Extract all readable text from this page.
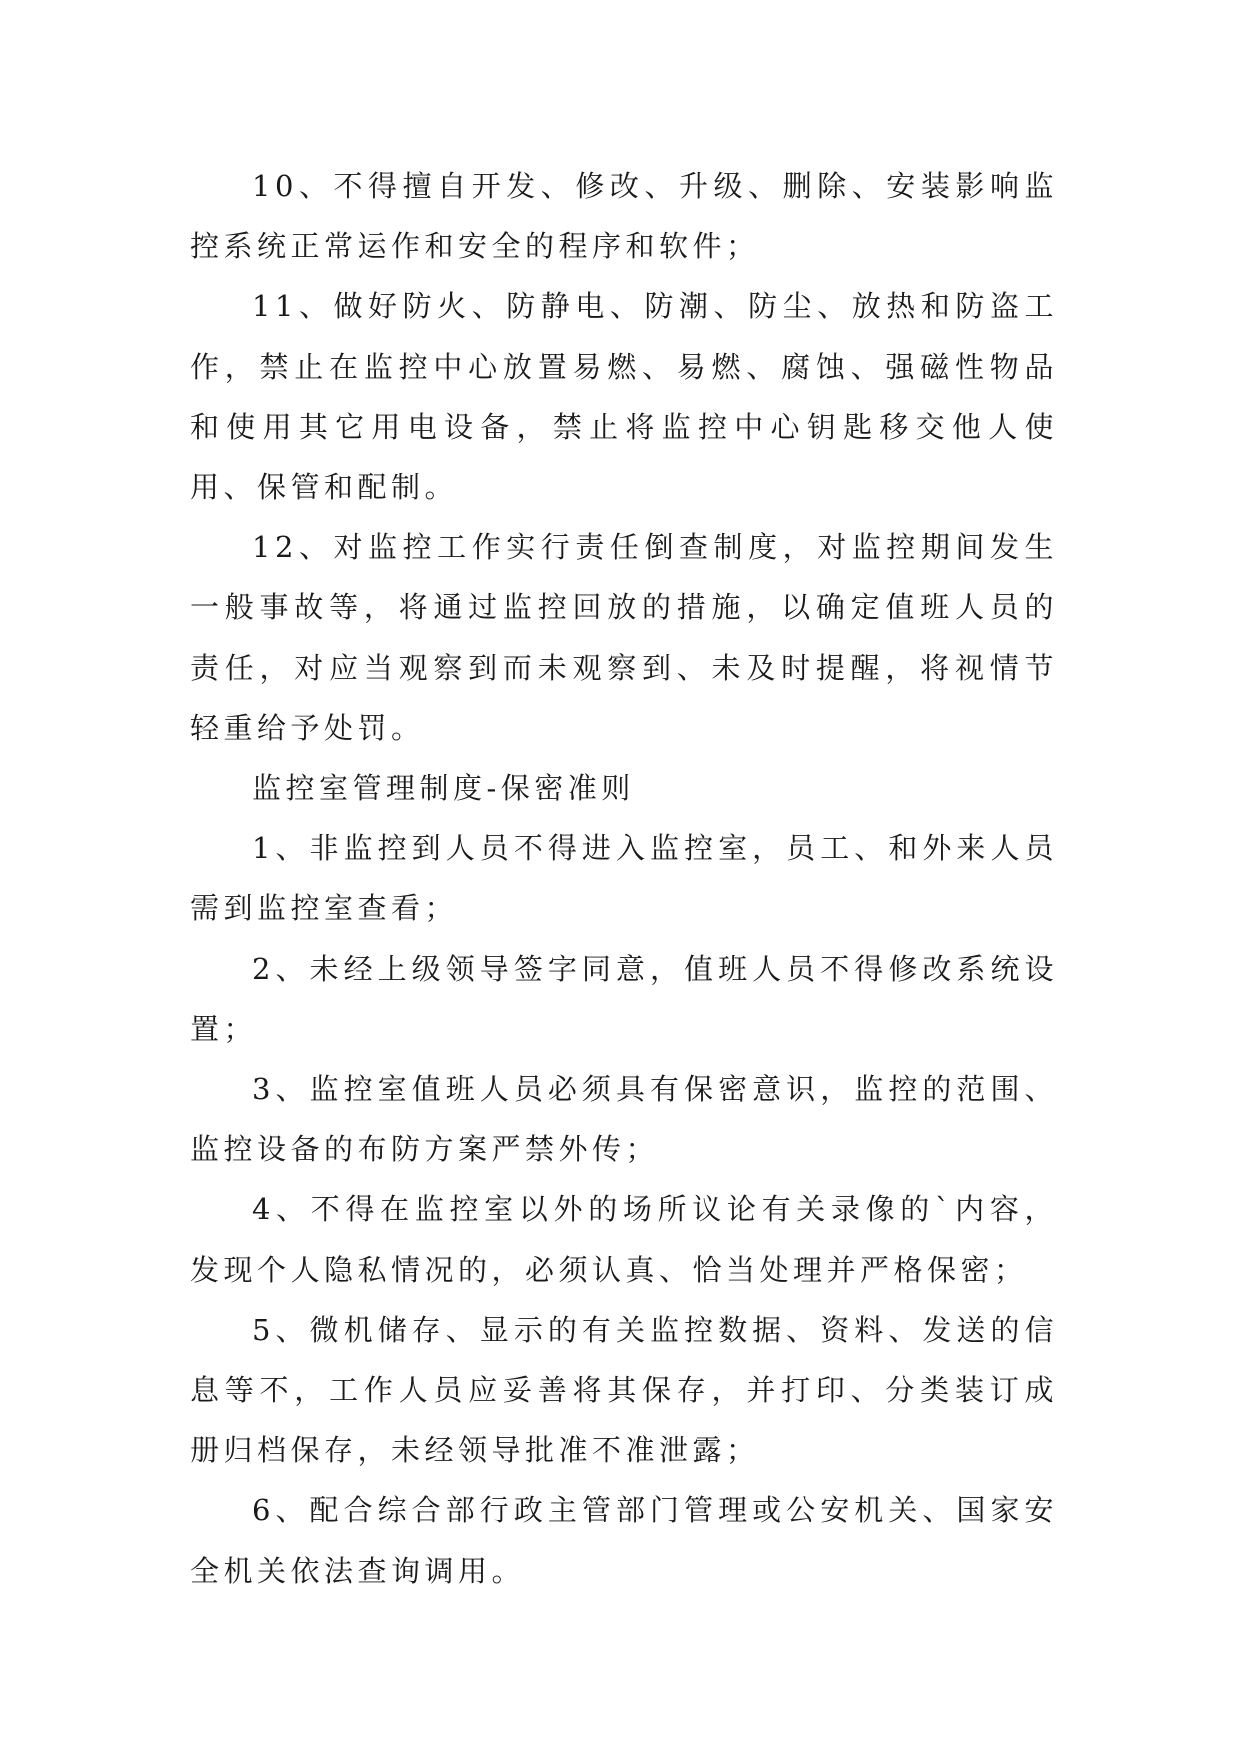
10、不得擅自开发、修改、升级、删除、安装影响监控系统正常运作和安全的程序和软件；

11、做好防火、防静电、防潮、防尘、放热和防盗工作，禁止在监控中心放置易燃、易燃、腐蚀、强磁性物品和使用其它用电设备，禁止将监控中心钥匙移交他人使用、保管和配制。

12、对监控工作实行责任倒查制度，对监控期间发生一般事故等，将通过监控回放的措施，以确定值班人员的责任，对应当观察到而未观察到、未及时提醒，将视情节轻重给予处罚。

监控室管理制度-保密准则

1、非监控到人员不得进入监控室，员工、和外来人员需到监控室查看；

2、未经上级领导签字同意，值班人员不得修改系统设置；

3、监控室值班人员必须具有保密意识，监控的范围、监控设备的布防方案严禁外传；

4、不得在监控室以外的场所议论有关录像的`内容，发现个人隐私情况的，必须认真、恰当处理并严格保密；

5、微机储存、显示的有关监控数据、资料、发送的信息等不，工作人员应妥善将其保存，并打印、分类装订成册归档保存，未经领导批准不准泄露；

6、配合综合部行政主管部门管理或公安机关、国家安全机关依法查询调用。
